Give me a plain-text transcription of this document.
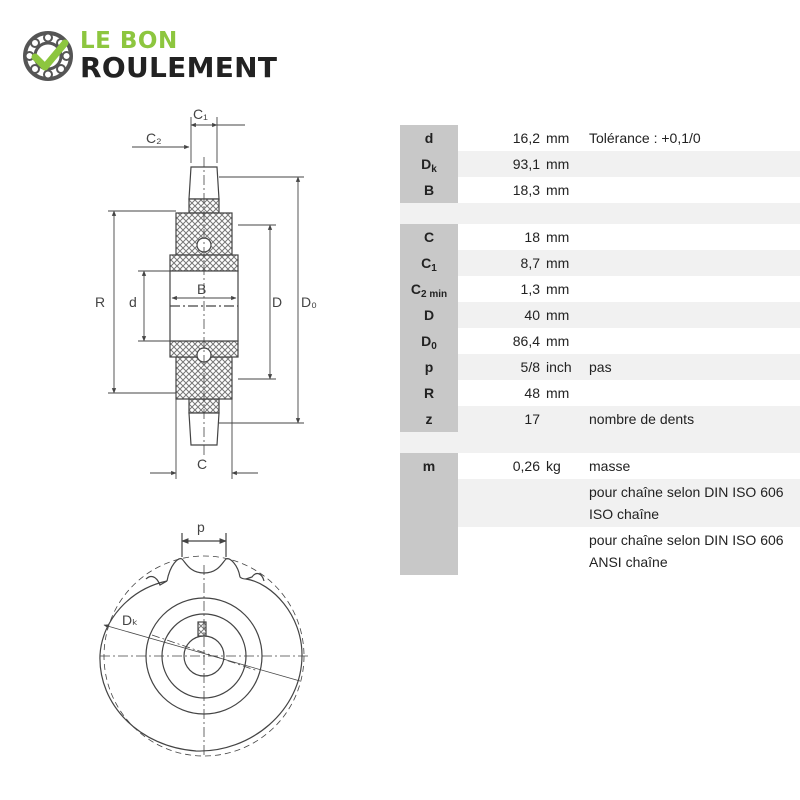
LE BON
ROULEMENT
C₁
C₂
R d
B
D D₀
C
p
Dₖ
d	16,2	mm	Tolérance : +0,1/0
$D_k$	93,1	mm	
B	18,3	mm	

C	18	mm	
$C_1$	8,7	mm	
$C_{2 min}$	1,3	mm	
D	40	mm	
$D_0$	86,4	mm	
p	5/8	inch	pas
R	48	mm	
z	17		nombre de dents

m	0,26	kg	masse

			pour chaîne selon DIN ISO 606
ISO chaîne

			pour chaîne selon DIN ISO 606
ANSI chaîne
